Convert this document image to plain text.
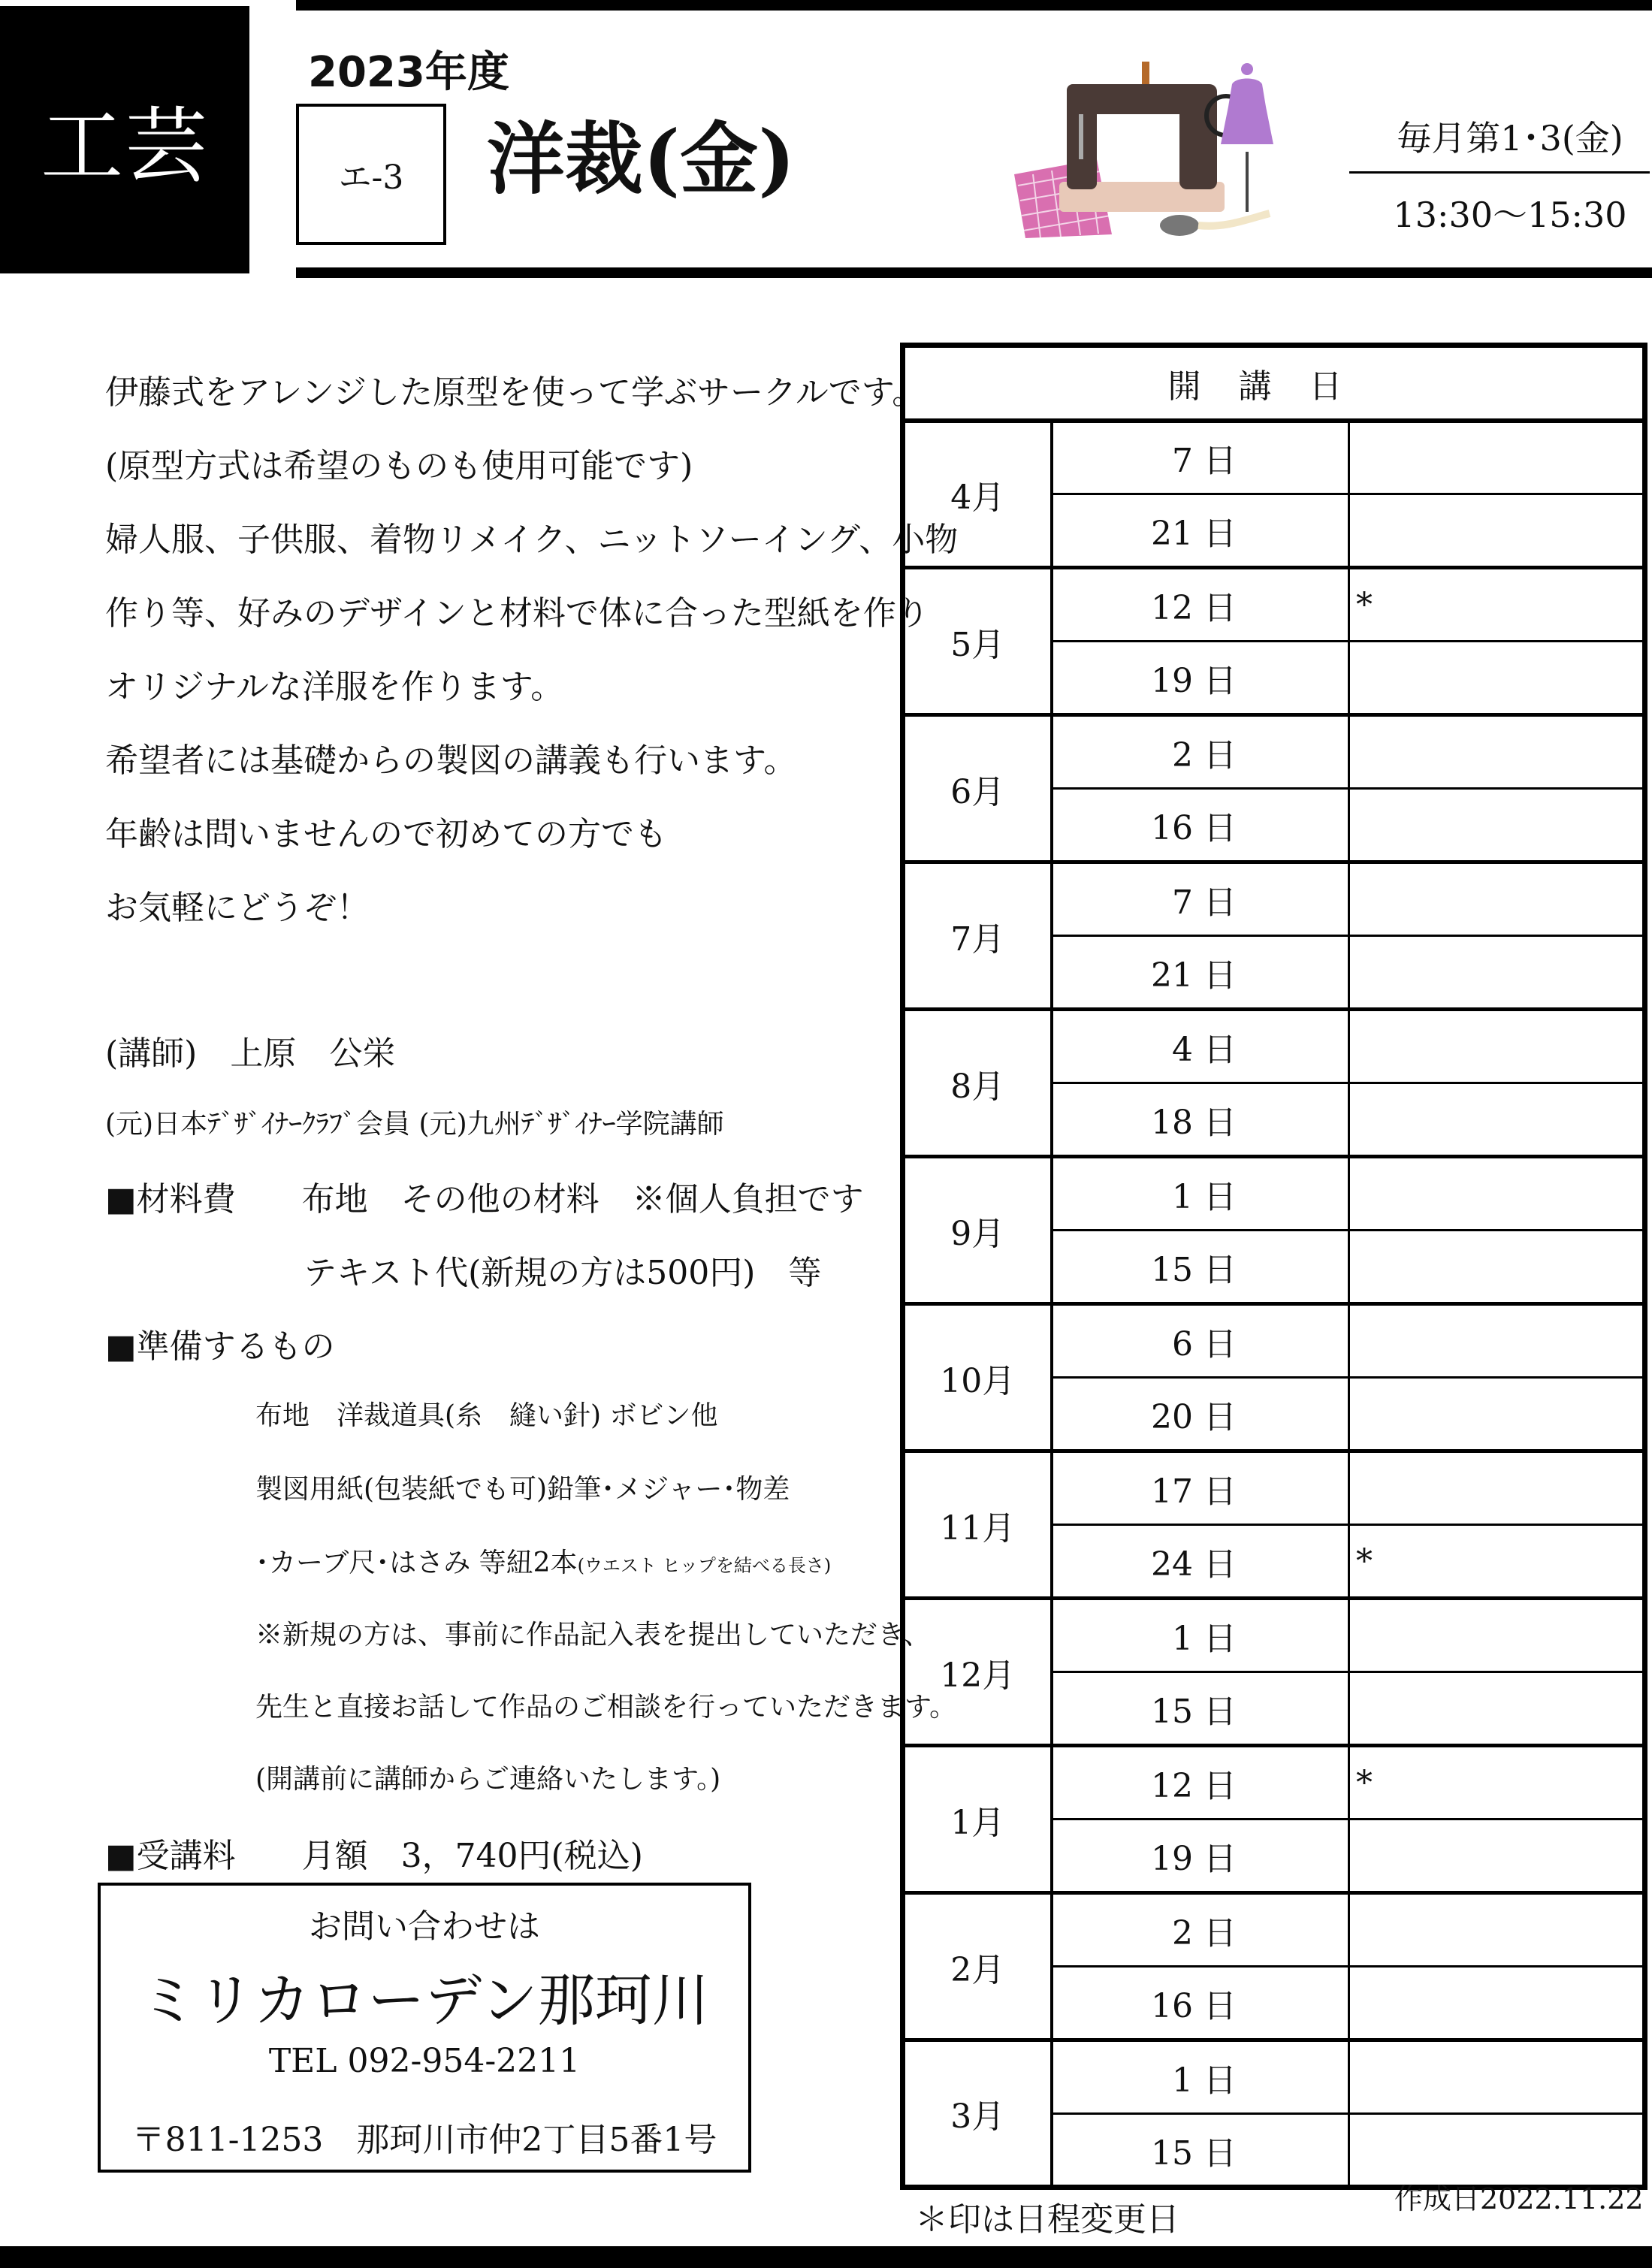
工芸
2023年度
エ-3	洋裁(金)	毎月第1･3(金)
13:30～15:30
伊藤式をアレンジした原型を使って学ぶサークルです。
(原型方式は希望のものも使用可能です)
婦人服、子供服、着物リメイク、ニットソーイング、小物
作り等、好みのデザインと材料で体に合った型紙を作り
オリジナルな洋服を作ります。
希望者には基礎からの製図の講義も行います。
年齢は問いませんので初めての方でも
お気軽にどうぞ！
(講師)　上原　公栄
(元)日本ﾃﾞｻﾞｲﾅｰｸﾗﾌﾞ会員 (元)九州ﾃﾞｻﾞｲﾅｰ学院講師
■材料費　　布地　その他の材料　※個人負担です
テキスト代(新規の方は500円)　等
■準備するもの
布地　洋裁道具(糸　縫い針) ボビン他
製図用紙(包装紙でも可)鉛筆･メジャー･物差
･カーブ尺･はさみ 等紐2本(ウエスト ヒップを結べる長さ)
※新規の方は、事前に作品記入表を提出していただき、
先生と直接お話して作品のご相談を行っていただきます。
(開講前に講師からご連絡いたします。)
■受講料　　月額　3，740円(税込)
お問い合わせは
ミリカローデン那珂川
TEL 092-954-2211
〒811-1253　那珂川市仲2丁目5番1号
開講日		
4月	7 日	
	21 日	
5月	12 日	*
	19 日	
6月	2 日	
	16 日	
7月	7 日	
	21 日	
8月	4 日	
	18 日	
9月	1 日	
	15 日	
10月	6 日	
	20 日	
11月	17 日	
	24 日	*
12月	1 日	
	15 日	
1月	12 日	*
	19 日	
2月	2 日	
	16 日	
3月	1 日	
	15 日	
＊印は日程変更日
作成日2022.11.22
